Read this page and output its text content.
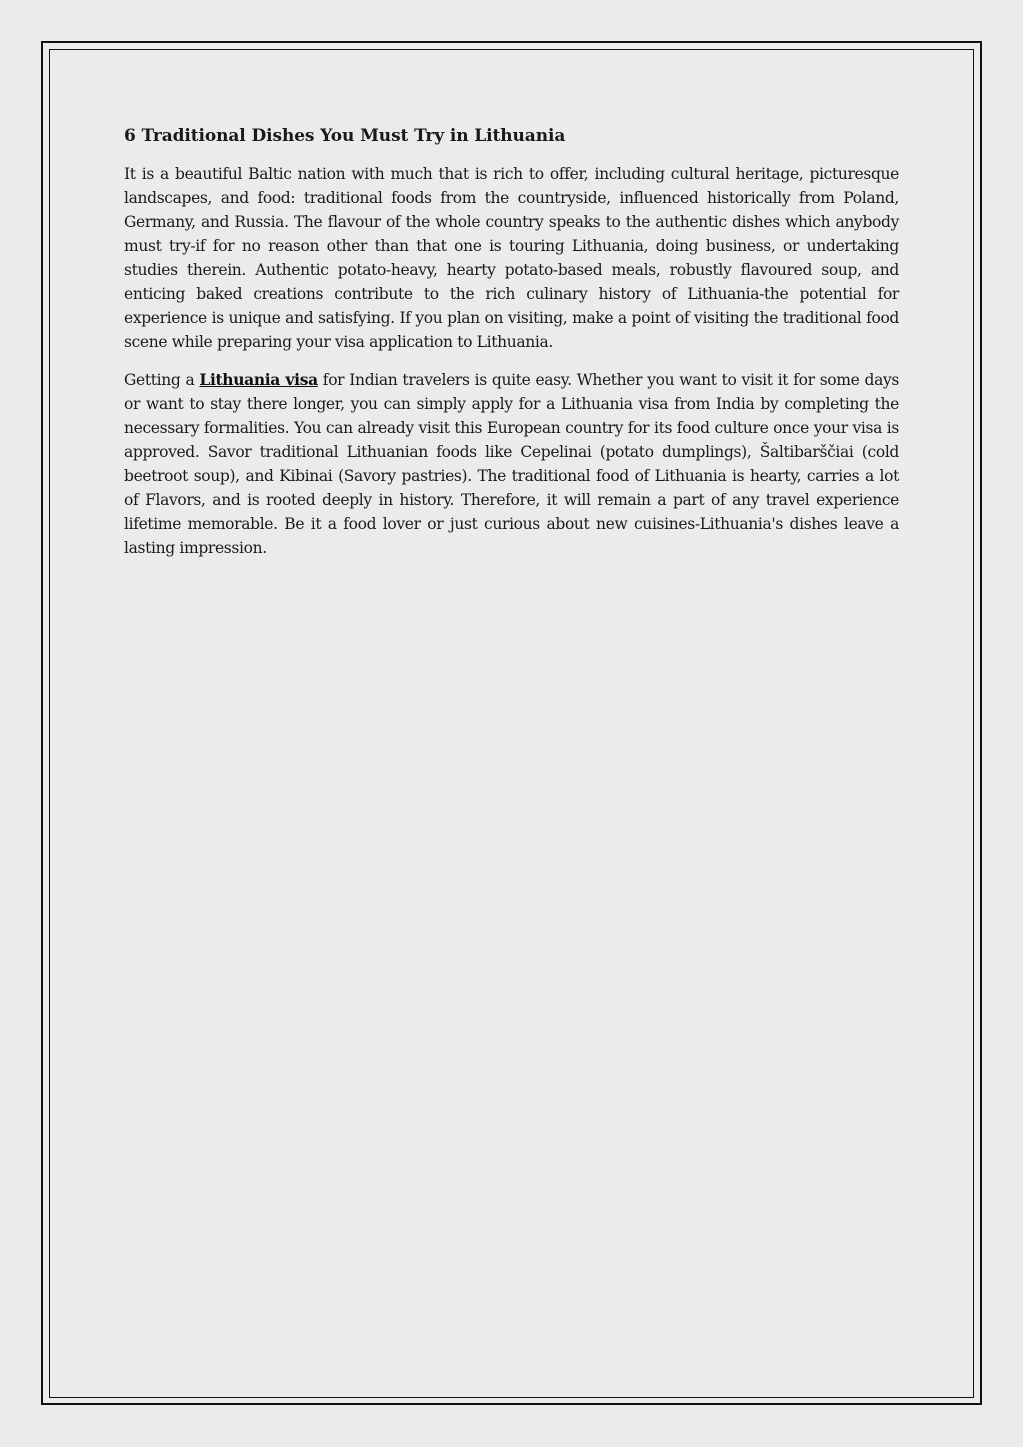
6 Traditional Dishes You Must Try in Lithuania

It is a beautiful Baltic nation with much that is rich to offer, including cultural heritage, picturesque landscapes, and food: traditional foods from the countryside, influenced historically from Poland, Germany, and Russia. The flavour of the whole country speaks to the authentic dishes which anybody must try-if for no reason other than that one is touring Lithuania, doing business, or undertaking studies therein. Authentic potato-heavy, hearty potato-based meals, robustly flavoured soup, and enticing baked creations contribute to the rich culinary history of Lithuania-the potential for experience is unique and satisfying. If you plan on visiting, make a point of visiting the traditional food scene while preparing your visa application to Lithuania.

Getting a Lithuania visa for Indian travelers is quite easy. Whether you want to visit it for some days or want to stay there longer, you can simply apply for a Lithuania visa from India by completing the necessary formalities. You can already visit this European country for its food culture once your visa is approved. Savor traditional Lithuanian foods like Cepelinai (potato dumplings), Šaltibarščiai (cold beetroot soup), and Kibinai (Savory pastries). The traditional food of Lithuania is hearty, carries a lot of Flavors, and is rooted deeply in history. Therefore, it will remain a part of any travel experience lifetime memorable. Be it a food lover or just curious about new cuisines-Lithuania's dishes leave a lasting impression.
